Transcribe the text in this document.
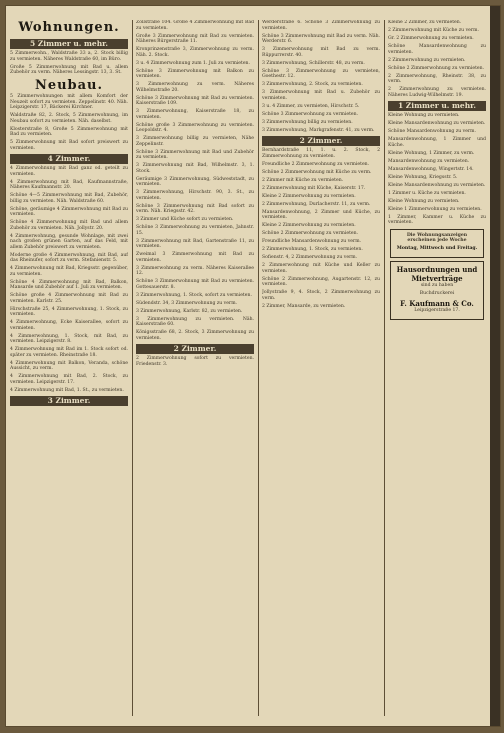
Wohnungen.
5 Zimmer u. mehr.
5 Zimmerwohn., Waldstraße 33 a, 2. Stock billig zu vermieten. Näheres Waldstraße 60, im Büro.
Große 5 Zimmerwohnung mit Bad u. allem Zubehör zu verm. Näheres Lessingstr. 13, 3. St.
Neubau.
5 Zimmerwohnungen mit allem Komfort der Neuzeit sofort zu vermieten. Zeppelinstr. 40. Näh. Leipzigerstr. 17, Bäckerei Kirchner.
Waldstraße 82, 2. Stock, 5 Zimmerwohnung, im Neubau sofort zu vermieten. Näh. daselbst.
Klosterstraße 8, Große 5 Zimmerwohnung mit Bad zu vermieten.
5 Zimmerwohnung mit Bad sofort preiswert zu vermieten.
4 Zimmer.
4 Zimmerwohnung mit Bad ganz od. geteilt zu vermieten.
4 Zimmerwohnung mit Bad, Kaufmannstraße, Näheres Kaufmannstr. 20.
Schöne 4—5 Zimmerwohnung mit Bad, Zubehör, billig zu vermieten. Näh. Waldstraße 60.
Schöne, geräumige 4 Zimmerwohnung mit Bad zu vermieten.
Schöne 4 Zimmerwohnung mit Bad und allem Zubehör zu vermieten. Näh. Jollystr. 20.
4 Zimmerwohnung, gesunde Wohnlage, mit zwei nach großen grünen Garten, auf das Feld, mit allem Zubehör preiswert zu vermieten.
Moderne große 4 Zimmerwohnung, mit Bad, auf das Rheinufer, sofort zu verm. Stefanienstr. 5.
4 Zimmerwohnung mit Bad, Kriegsstr. gegenüber, zu vermieten.
Schöne 4 Zimmerwohnung mit Bad, Balkon, Mansarde und Zubehör auf 1. Juli zu vermieten.
Schöne große 4 Zimmerwohnung mit Bad zu vermieten. Karlstr. 25.
Hirschstraße 25, 4 Zimmerwohnung, 1. Stock, zu vermieten.
4 Zimmerwohnung, Ecke Kaiserallee, sofort zu vermieten.
4 Zimmerwohnung, 1. Stock, mit Bad, zu vermieten. Leipzigerstr. 8.
4 Zimmerwohnung mit Bad im 1. Stock sofort od. später zu vermieten. Rheinstraße 18.
4 Zimmerwohnung mit Balkon, Veranda, schöne Aussicht, zu verm.
4 Zimmerwohnung mit Bad, 2. Stock, zu vermieten. Leipzigerstr. 17.
4 Zimmerwohnung mit Bad, 1. St., zu vermieten.
3 Zimmer.
Zollstraße 104. Große 4 Zimmerwohnung mit Bad zu vermieten.
Große 3 Zimmerwohnung mit Bad zu vermieten. Näheres Bürgerstraße 11.
Kronprinzenstraße 3, Zimmerwohnung zu verm. Näh. 2. Stock.
3 u. 4 Zimmerwohnung zum 1. Juli zu vermieten.
Schöne 3 Zimmerwohnung mit Balkon zu vermieten.
3 Zimmerwohnung zu verm. Näheres Wilhelmstraße 20.
Schöne 3 Zimmerwohnung mit Bad zu vermieten. Kaiserstraße 109.
3 Zimmerwohnung, Kaiserstraße 18, zu vermieten.
Schöne große 3 Zimmerwohnung zu vermieten. Leopoldstr. 4.
3 Zimmerwohnung billig zu vermieten, Nähe Zeppelinstr.
Schöne 3 Zimmerwohnung mit Bad und Zubehör zu vermieten.
3 Zimmerwohnung mit Bad, Wilhelmstr. 3, 1. Stock.
Geräumige 3 Zimmerwohnung, Südweststadt, zu vermieten.
3 Zimmerwohnung, Hirschstr. 90, 3. St., zu vermieten.
Schöne 3 Zimmerwohnung mit Bad sofort zu verm. Näh. Kriegsstr. 42.
3 Zimmer und Küche sofort zu vermieten.
Schöne 3 Zimmerwohnung zu vermieten, Jahnstr. 15.
3 Zimmerwohnung mit Bad, Gartenstraße 11, zu vermieten.
Zweimal 3 Zimmerwohnung mit Bad zu vermieten.
3 Zimmerwohnung zu verm. Näheres Kaiserallee 12.
Schöne 3 Zimmerwohnung mit Bad zu vermieten. Gottesauerstr. 8.
3 Zimmerwohnung, 1. Stock, sofort zu vermieten.
Südendstr. 34, 3 Zimmerwohnung zu verm.
3 Zimmerwohnung, Karlstr. 82, zu vermieten.
3 Zimmerwohnung zu vermieten. Näh. Kaiserstraße 60.
Königsstraße 68, 2. Stock, 3 Zimmerwohnung zu vermieten.
2 Zimmer.
2 Zimmerwohnung sofort zu vermieten. Friedenstr. 3.
Werderstraße 6. Schöne 3 Zimmerwohnung zu vermieten.
Schöne 3 Zimmerwohnung mit Bad zu verm. Näh. Werderstr. 6.
3 Zimmerwohnung mit Bad zu verm. Rüppurrerstr. 40.
3 Zimmerwohnung, Schillerstr. 48, zu verm.
Schöne 3 Zimmerwohnung zu vermieten, Goethestr. 12.
3 Zimmerwohnung, 2. Stock, zu vermieten.
3 Zimmerwohnung mit Bad u. Zubehör zu vermieten.
3 u. 4 Zimmer, zu vermieten, Hirschstr. 5.
Schöne 3 Zimmerwohnung zu vermieten.
3 Zimmerwohnung billig zu vermieten.
3 Zimmerwohnung, Markgrafenstr. 41, zu verm.
2 Zimmer.
Bernhardstraße 11, 1. u. 2. Stock, 2 Zimmerwohnung zu vermieten.
Freundliche 2 Zimmerwohnung zu vermieten.
Schöne 2 Zimmerwohnung mit Küche zu verm.
2 Zimmer mit Küche zu vermieten.
2 Zimmerwohnung mit Küche, Kaiserstr. 17.
Kleine 2 Zimmerwohnung zu vermieten.
2 Zimmerwohnung, Durlacherstr. 11, zu verm.
Mansardenwohnung, 2 Zimmer und Küche, zu vermieten.
Kleine 2 Zimmerwohnung zu vermieten.
Schöne 2 Zimmerwohnung zu vermieten.
Freundliche Mansardenwohnung zu verm.
2 Zimmerwohnung, 1. Stock, zu vermieten.
Sofienstr. 4, 2 Zimmerwohnung zu verm.
2 Zimmerwohnung mit Küche und Keller zu vermieten.
Schöne 2 Zimmerwohnung, Augartenstr. 12, zu vermieten.
Jollystraße 9, 4. Stock, 2 Zimmerwohnung zu verm.
2 Zimmer, Mansarde, zu vermieten.
Kleine 2 Zimmer, zu vermieten.
2 Zimmerwohnung mit Küche zu verm.
Gr. 2 Zimmerwohnung zu vermieten.
Schöne Mansardenwohnung zu vermieten.
2 Zimmerwohnung zu vermieten.
Schöne 2 Zimmerwohnung zu vermieten.
2 Zimmerwohnung, Rheinstr. 38, zu verm.
2 Zimmerwohnung zu vermieten. Näheres Ludwig-Wilhelmstr. 19.
1 Zimmer u. mehr.
Kleine Wohnung zu vermieten.
Kleine Mansardenwohnung zu vermieten.
Schöne Mansardenwohnung zu verm.
Mansardenwohnung, 1 Zimmer und Küche.
Kleine Wohnung, 1 Zimmer, zu verm.
Mansardenwohnung zu vermieten.
Mansardenwohnung, Wingertstr. 14.
Kleine Wohnung, Kriegsstr. 5.
Kleine Mansardenwohnung zu vermieten.
1 Zimmer u. Küche zu vermieten.
Kleine Wohnung zu vermieten.
Kleine 1 Zimmerwohnung zu vermieten.
1 Zimmer, Kammer u. Küche zu vermieten.
Die Wohnungsanzeigen erscheinen jede Woche
Montag, Mittwoch und Freitag.
Hausordnungen und Mietverträge
sind zu haben
Buchdruckerei
F. Kaufmann & Co.
Leipzigerstraße 17.
